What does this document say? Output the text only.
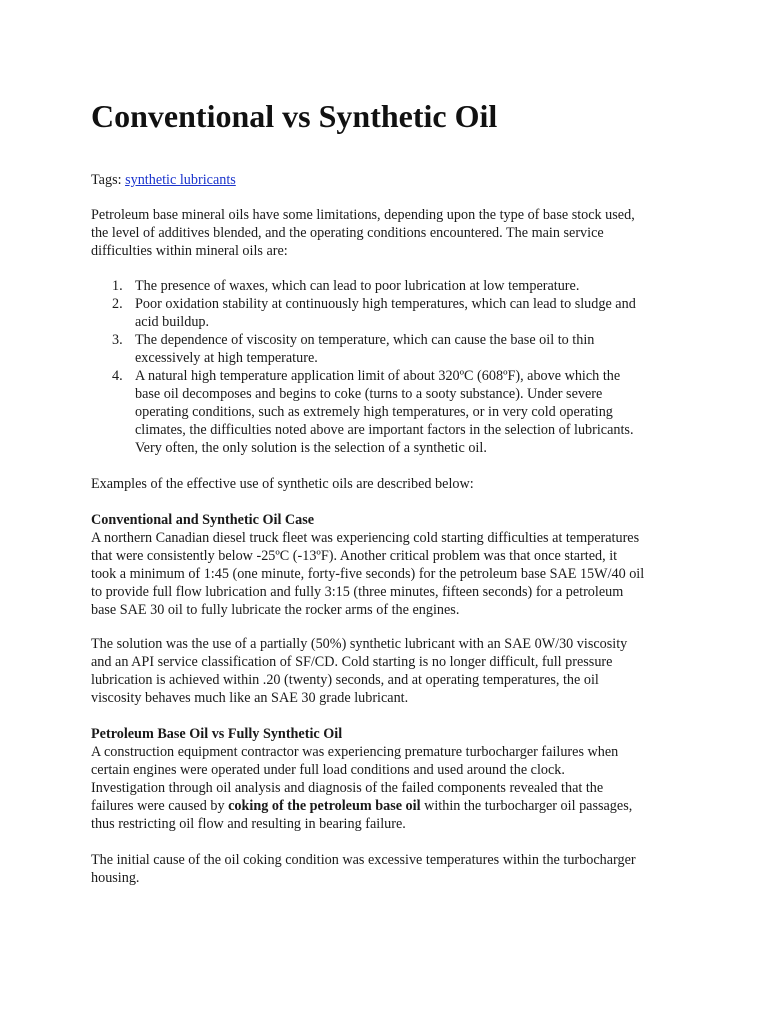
Conventional vs Synthetic Oil
Tags: synthetic lubricants
Petroleum base mineral oils have some limitations, depending upon the type of base stock used,
the level of additives blended, and the operating conditions encountered. The main service
difficulties within mineral oils are:
1. The presence of waxes, which can lead to poor lubrication at low temperature.
2. Poor oxidation stability at continuously high temperatures, which can lead to sludge and
acid buildup.
3. The dependence of viscosity on temperature, which can cause the base oil to thin
excessively at high temperature.
4. A natural high temperature application limit of about 320ºC (608ºF), above which the
base oil decomposes and begins to coke (turns to a sooty substance). Under severe
operating conditions, such as extremely high temperatures, or in very cold operating
climates, the difficulties noted above are important factors in the selection of lubricants.
Very often, the only solution is the selection of a synthetic oil.
Examples of the effective use of synthetic oils are described below:
Conventional and Synthetic Oil Case
A northern Canadian diesel truck fleet was experiencing cold starting difficulties at temperatures
that were consistently below -25ºC (-13ºF). Another critical problem was that once started, it
took a minimum of 1:45 (one minute, forty-five seconds) for the petroleum base SAE 15W/40 oil
to provide full flow lubrication and fully 3:15 (three minutes, fifteen seconds) for a petroleum
base SAE 30 oil to fully lubricate the rocker arms of the engines.
The solution was the use of a partially (50%) synthetic lubricant with an SAE 0W/30 viscosity
and an API service classification of SF/CD. Cold starting is no longer difficult, full pressure
lubrication is achieved within .20 (twenty) seconds, and at operating temperatures, the oil
viscosity behaves much like an SAE 30 grade lubricant.
Petroleum Base Oil vs Fully Synthetic Oil
A construction equipment contractor was experiencing premature turbocharger failures when
certain engines were operated under full load conditions and used around the clock.
Investigation through oil analysis and diagnosis of the failed components revealed that the
failures were caused by coking of the petroleum base oil within the turbocharger oil passages,
thus restricting oil flow and resulting in bearing failure.
The initial cause of the oil coking condition was excessive temperatures within the turbocharger
housing.
